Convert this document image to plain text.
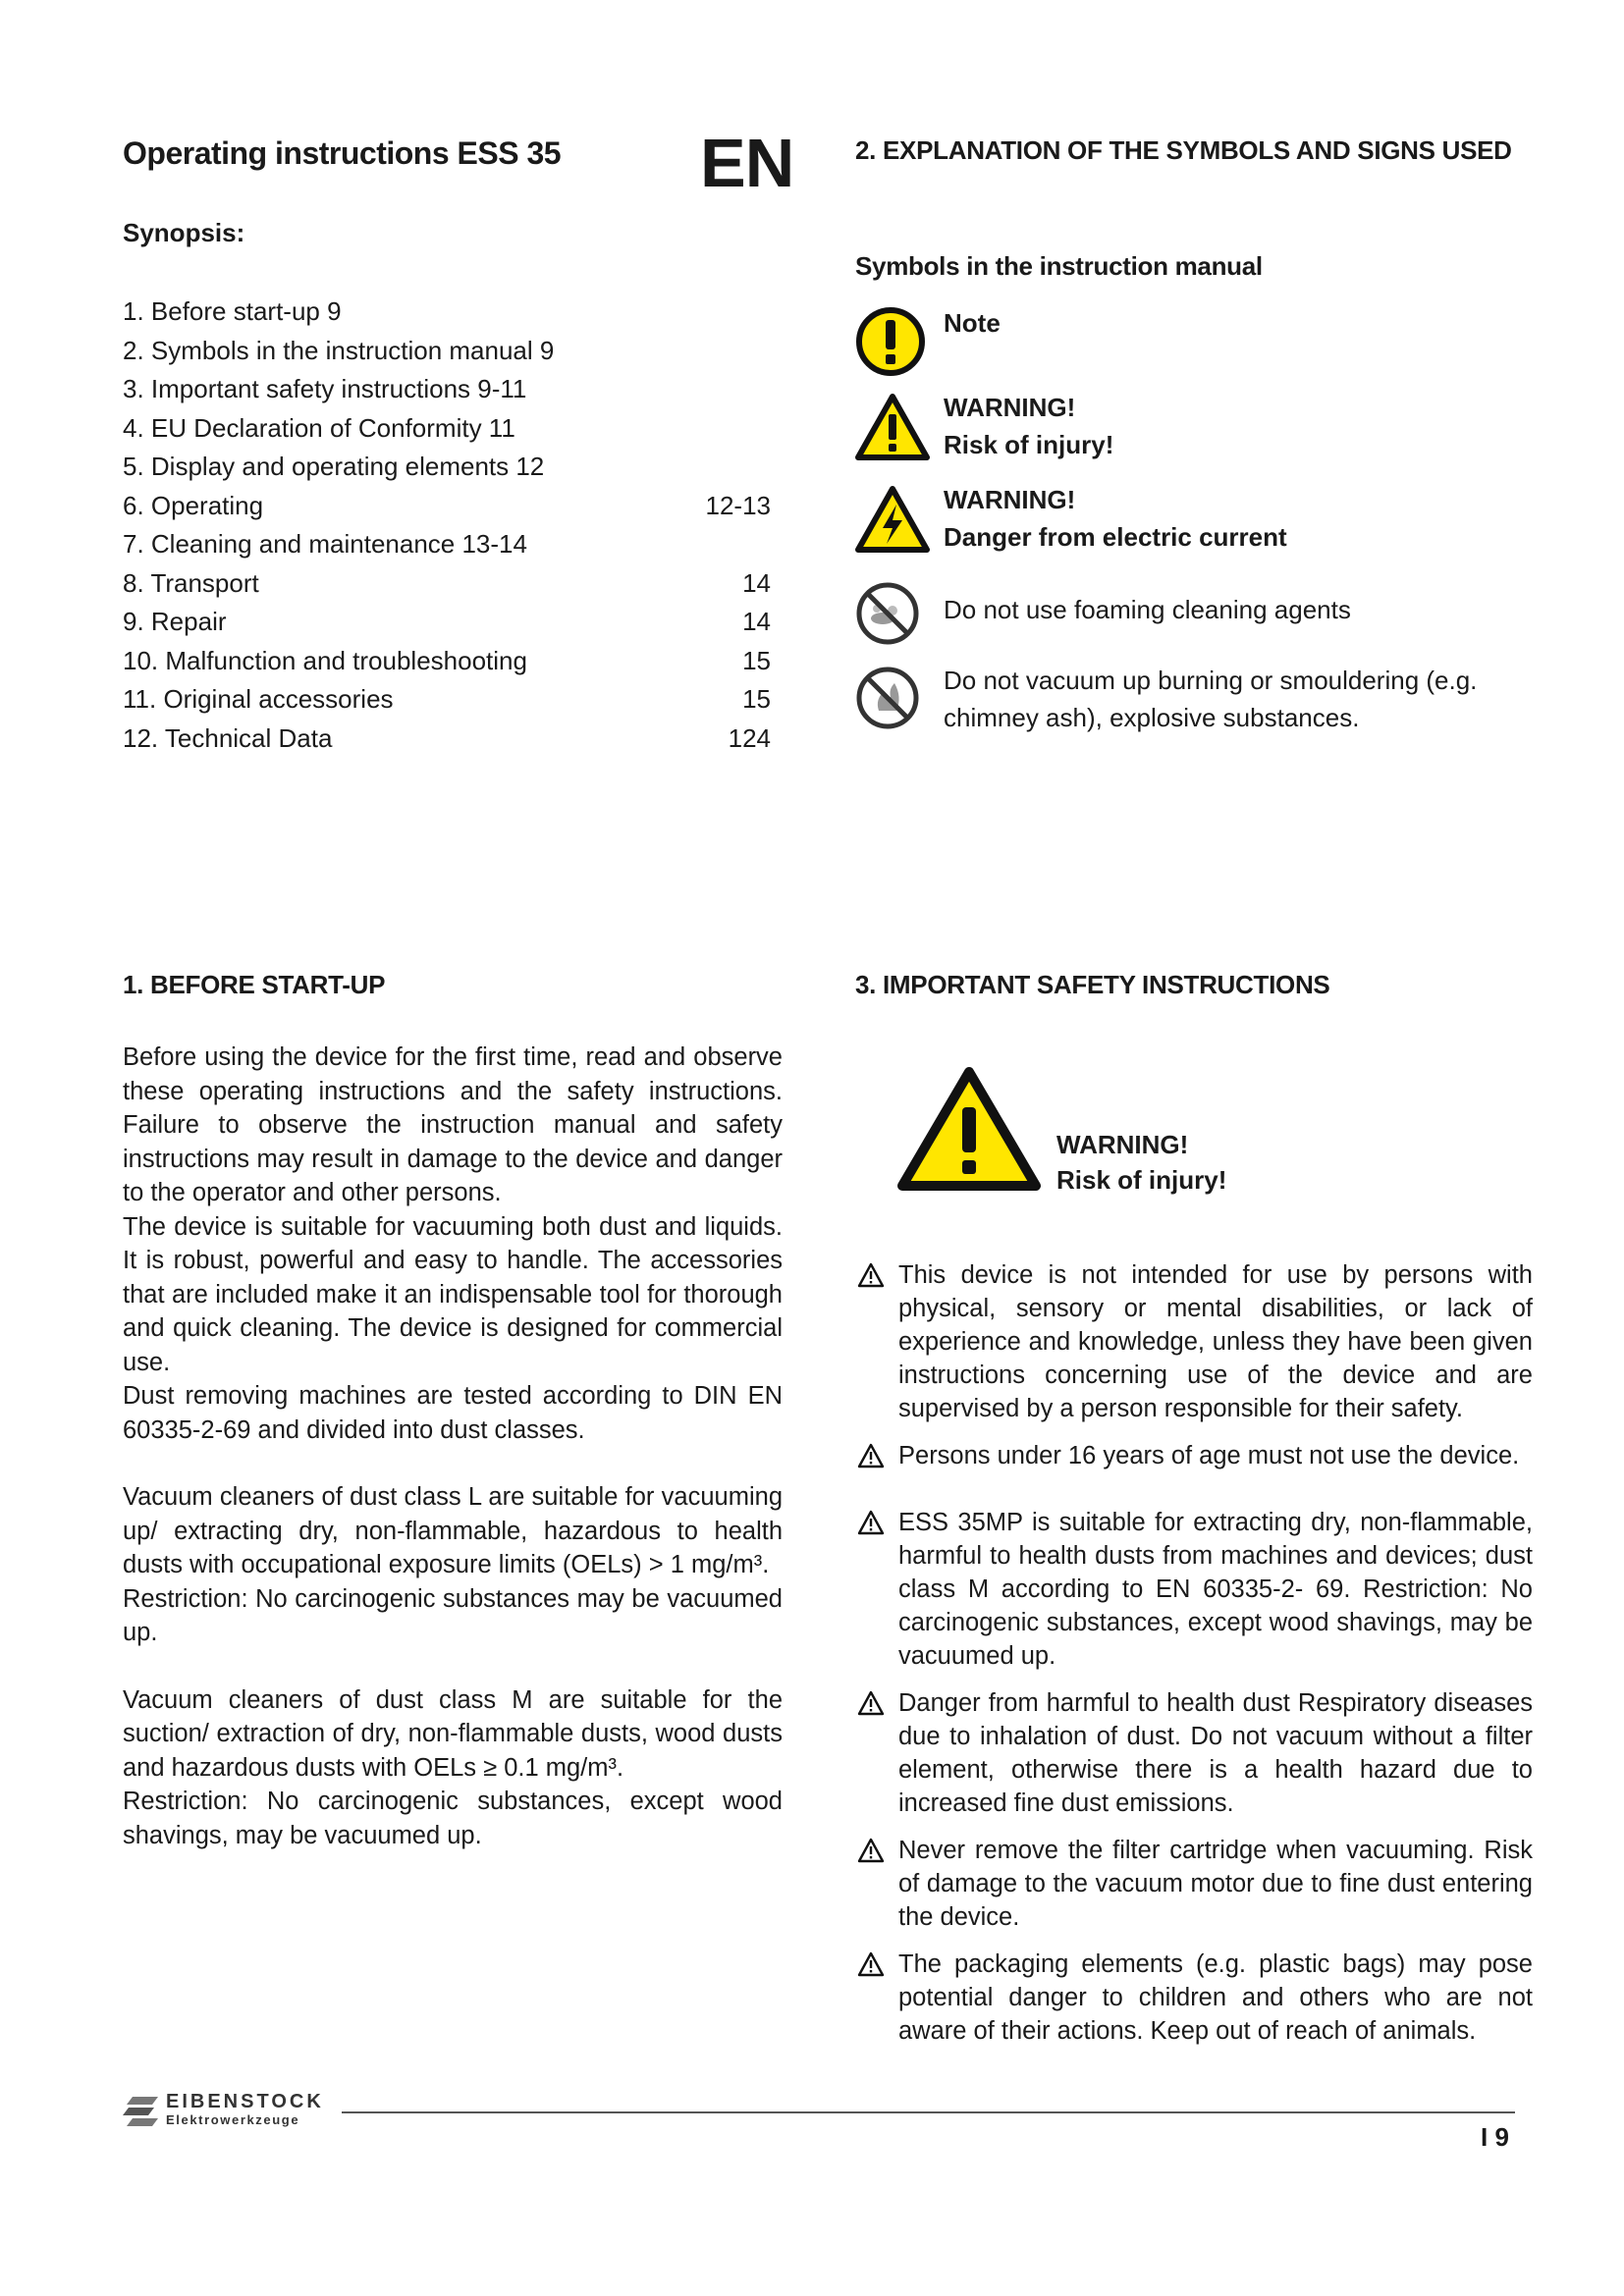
Operating instructions ESS 35 EN
Synopsis:
1. Before start-up 9
2. Symbols in the instruction manual 9
3. Important safety instructions 9-11
4. EU Declaration of Conformity 11
5. Display and operating elements 12
6. Operating	12-13
7. Cleaning and maintenance 13-14
8. Transport	14
9. Repair	14
10. Malfunction and troubleshooting	15
11. Original accessories	15
12. Technical Data	124
2. EXPLANATION OF THE SYMBOLS AND SIGNS USED
Symbols in the instruction manual
Note
WARNING!
Risk of injury!
WARNING!
Danger from electric current
Do not use foaming cleaning agents
Do not vacuum up burning or smouldering (e.g.
chimney ash), explosive substances.
1. BEFORE START-UP
Before using the device for the first time, read and observe these operating instructions and the safety instructions. Failure to observe the instruction manual and safety instructions may result in damage to the device and danger to the operator and other persons.
The device is suitable for vacuuming both dust and liquids. It is robust, powerful and easy to handle. The accessories that are included make it an indispensable tool for thorough and quick cleaning. The device is designed for commercial use.
Dust removing machines are tested according to DIN EN 60335-2-69 and divided into dust classes.
Vacuum cleaners of dust class L are suitable for vacuuming up/ extracting dry, non-flammable, hazardous to health dusts with occupational exposure limits (OELs) > 1 mg/m³.
Restriction: No carcinogenic substances may be vacuumed up.
Vacuum cleaners of dust class M are suitable for the suction/ extraction of dry, non-flammable dusts, wood dusts and hazardous dusts with OELs ≥ 0.1 mg/m³.
Restriction: No carcinogenic substances, except wood shavings, may be vacuumed up.
3. IMPORTANT SAFETY INSTRUCTIONS
WARNING!
Risk of injury!
This device is not intended for use by persons with physical, sensory or mental disabilities, or lack of experience and knowledge, unless they have been given instructions concerning use of the device and are supervised by a person responsible for their safety.
Persons under 16 years of age must not use the device.
ESS 35MP is suitable for extracting dry, non-flammable, harmful to health dusts from machines and devices; dust class M according to EN 60335-2- 69. Restriction: No carcinogenic substances, except wood shavings, may be vacuumed up.
Danger from harmful to health dust Respiratory diseases due to inhalation of dust. Do not vacuum without a filter element, otherwise there is a health hazard due to increased fine dust emissions.
Never remove the filter cartridge when vacuuming. Risk of damage to the vacuum motor due to fine dust entering the device.
The packaging elements (e.g. plastic bags) may pose potential danger to children and others who are not aware of their actions. Keep out of reach of animals.
EIBENSTOCK
Elektrowerkzeuge
I 9
